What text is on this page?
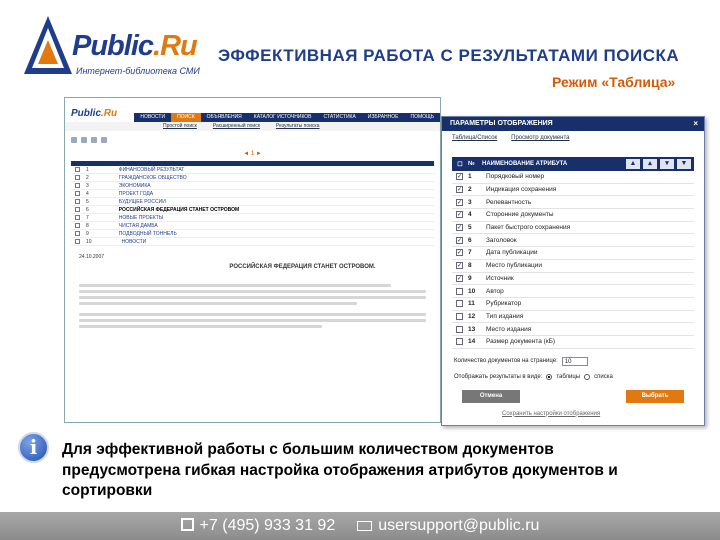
Public.Ru
Интернет-библиотека СМИ
ЭФФЕКТИВНАЯ РАБОТА С РЕЗУЛЬТАТАМИ ПОИСКА
Режим «Таблица»
Public.Ru	НОВОСТИ	ПОИСК	ОБЪЯВЛЕНИЯ	КАТАЛОГ ИСТОЧНИКОВ	СТАТИСТИКА	ИЗБРАННОЕ	ПОМОЩЬ
Простой поиск	Расширенный поиск	Результаты поиска
◄ 1 ►
1	ФИНАНСОВЫЙ РЕЗУЛЬТАТ
2	ГРАЖДАНСКОЕ ОБЩЕСТВО
3	ЭКОНОМИКА
4	ПРОЕКТ ГОДА
5	БУДУЩЕЕ РОССИИ
6	РОССИЙСКАЯ ФЕДЕРАЦИЯ СТАНЕТ ОСТРОВОМ
7	НОВЫЕ ПРОЕКТЫ
8	ЧИСТАЯ ДАМБА
9	ПОДВОДНЫЙ ТОННЕЛЬ
10	НОВОСТИ
24.10.2007
РОССИЙСКАЯ ФЕДЕРАЦИЯ СТАНЕТ ОСТРОВОМ.
ПАРАМЕТРЫ ОТОБРАЖЕНИЯ	×
Таблица/Список Просмотр документа
☐ №	НАИМЕНОВАНИЕ АТРИБУТА	▲	▴	▾	▼
✓ 1	Порядковый номер
✓ 2	Индикация сохранения
✓ 3	Релевантность
✓ 4	Сторонние документы
✓ 5	Пакет быстрого сохранения
✓ 6	Заголовок
✓ 7	Дата публикации
✓ 8	Место публикации
✓ 9	Источник
10	Автор
11	Рубрикатор
12	Тип издания
13	Место издания
14	Размер документа (кБ)
Количество документов на странице:	10
Отображать результаты в виде: таблицы списка
Отмена	Выбрать
Сохранить настройки отображения
i	Для эффективной работы с большим количеством документов предусмотрена гибкая настройка отображения атрибутов документов и сортировки
+7 (495) 933 31 92	usersupport@public.ru
